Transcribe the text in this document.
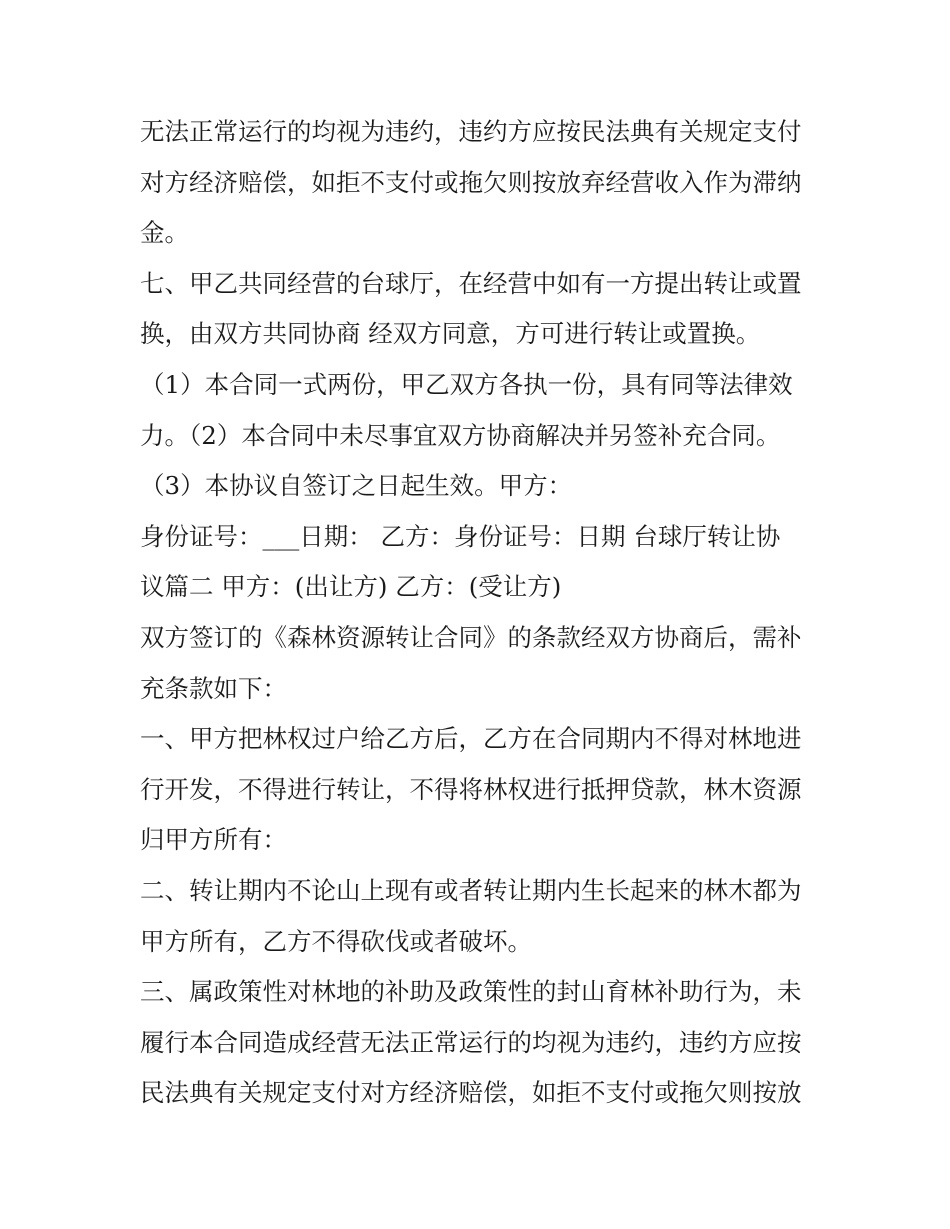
无法正常运行的均视为违约，违约方应按民法典有关规定支付
对方经济赔偿，如拒不支付或拖欠则按放弃经营收入作为滞纳
金。
七、甲乙共同经营的台球厅，在经营中如有一方提出转让或置
换，由双方共同协商 经双方同意，方可进行转让或置换。
（1）本合同一式两份，甲乙双方各执一份，具有同等法律效
力。（2）本合同中未尽事宜双方协商解决并另签补充合同。
（3）本协议自签订之日起生效。甲方：
身份证号：___日期： 乙方：身份证号：日期 台球厅转让协
议篇二 甲方：(出让方) 乙方：(受让方)
双方签订的《森林资源转让合同》的条款经双方协商后，需补
充条款如下：
一、甲方把林权过户给乙方后，乙方在合同期内不得对林地进
行开发，不得进行转让，不得将林权进行抵押贷款，林木资源
归甲方所有：
二、转让期内不论山上现有或者转让期内生长起来的林木都为
甲方所有，乙方不得砍伐或者破坏。
三、属政策性对林地的补助及政策性的封山育林补助行为，未
履行本合同造成经营无法正常运行的均视为违约，违约方应按
民法典有关规定支付对方经济赔偿，如拒不支付或拖欠则按放
